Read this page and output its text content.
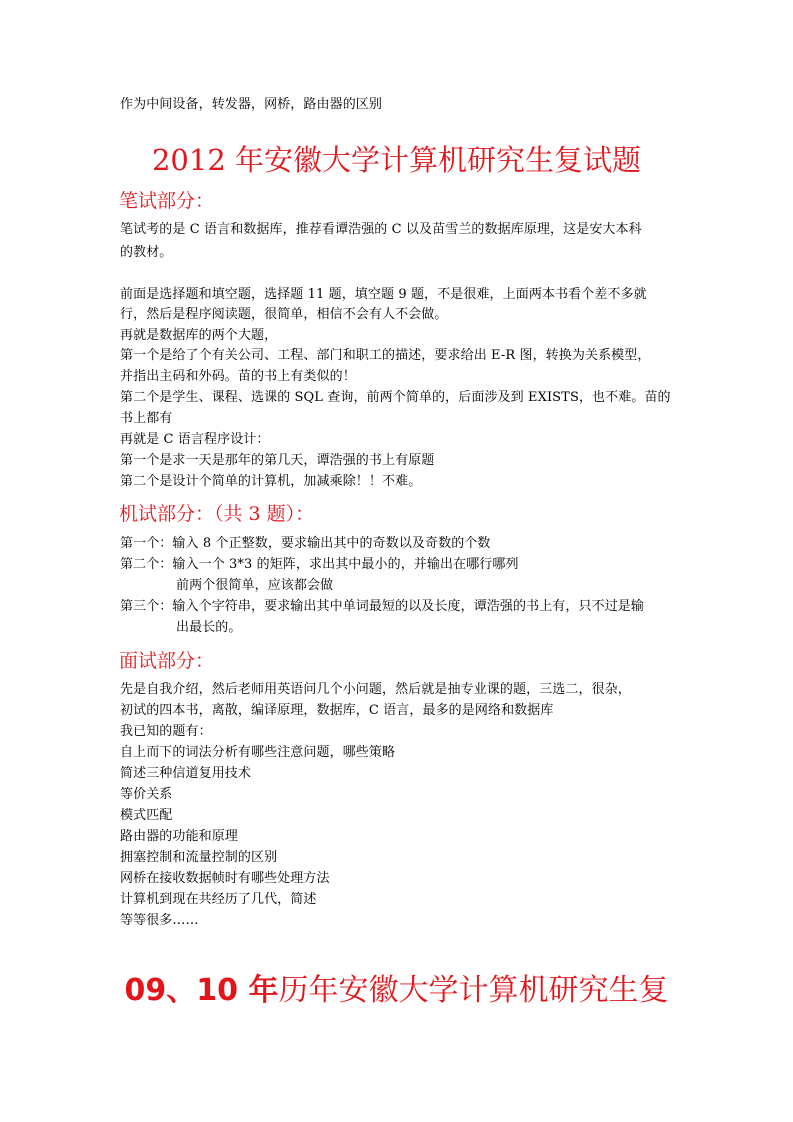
作为中间设备，转发器，网桥，路由器的区别
2012 年安徽大学计算机研究生复试题
笔试部分：
笔试考的是 C 语言和数据库，推荐看谭浩强的 C 以及苗雪兰的数据库原理，这是安大本科
的教材。
前面是选择题和填空题，选择题 11 题，填空题 9 题，不是很难，上面两本书看个差不多就
行，然后是程序阅读题，很简单，相信不会有人不会做。
再就是数据库的两个大题，
第一个是给了个有关公司、工程、部门和职工的描述，要求给出 E-R 图，转换为关系模型，
并指出主码和外码。苗的书上有类似的！
第二个是学生、课程、选课的 SQL 查询，前两个简单的，后面涉及到 EXISTS，也不难。苗的
书上都有
再就是 C 语言程序设计：
第一个是求一天是那年的第几天，谭浩强的书上有原题
第二个是设计个简单的计算机，加减乘除！！不难。
机试部分：（共 3 题）：
第一个：输入 8 个正整数，要求输出其中的奇数以及奇数的个数
第二个：输入一个 3*3 的矩阵，求出其中最小的，并输出在哪行哪列
前两个很简单，应该都会做
第三个：输入个字符串，要求输出其中单词最短的以及长度，谭浩强的书上有，只不过是输
出最长的。
面试部分：
先是自我介绍，然后老师用英语问几个小问题，然后就是抽专业课的题，三选二，很杂，
初试的四本书，离散，编译原理，数据库，C 语言，最多的是网络和数据库
我已知的题有：
自上而下的词法分析有哪些注意问题，哪些策略
简述三种信道复用技术
等价关系
模式匹配
路由器的功能和原理
拥塞控制和流量控制的区别
网桥在接收数据帧时有哪些处理方法
计算机到现在共经历了几代，简述
等等很多……
09、10 年历年安徽大学计算机研究生复
